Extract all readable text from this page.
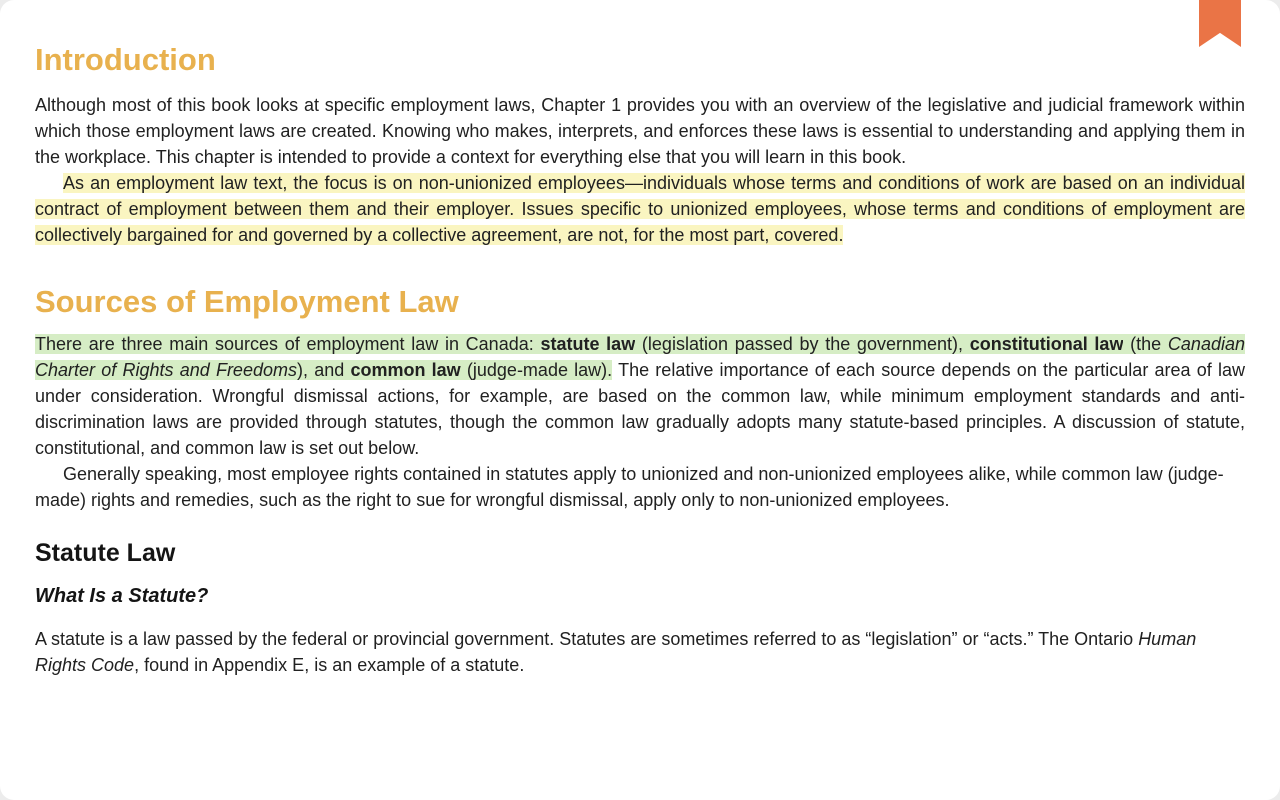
Introduction

Although most of this book looks at specific employment laws, Chapter 1 provides you with an overview of the legislative and judicial framework within which those employment laws are created. Knowing who makes, interprets, and enforces these laws is essential to understanding and applying them in the workplace. This chapter is intended to provide a context for everything else that you will learn in this book.

As an employment law text, the focus is on non-unionized employees—individuals whose terms and conditions of work are based on an individual contract of employment between them and their employer. Issues specific to unionized employees, whose terms and conditions of employment are collectively bargained for and governed by a collective agreement, are not, for the most part, covered.

Sources of Employment Law

There are three main sources of employment law in Canada: statute law (legislation passed by the government), constitutional law (the Canadian Charter of Rights and Freedoms), and common law (judge-made law). The relative importance of each source depends on the particular area of law under consideration. Wrongful dismissal actions, for example, are based on the common law, while minimum employment standards and anti-discrimination laws are provided through statutes, though the common law gradually adopts many statute-based principles. A discussion of statute, constitutional, and common law is set out below.

Generally speaking, most employee rights contained in statutes apply to unionized and non-unionized employees alike, while common law (judge-made) rights and remedies, such as the right to sue for wrongful dismissal, apply only to non-unionized employees.

Statute Law
What Is a Statute?

A statute is a law passed by the federal or provincial government. Statutes are sometimes referred to as “legislation” or “acts.” The Ontario Human Rights Code, found in Appendix E, is an example of a statute.
